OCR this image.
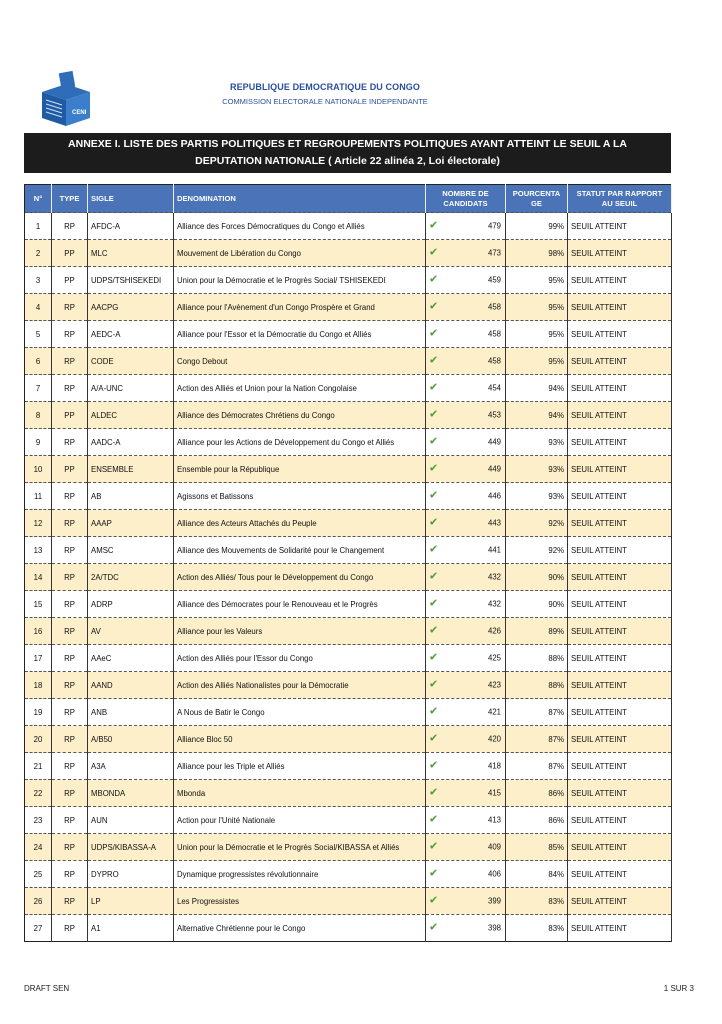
CENI
REPUBLIQUE DEMOCRATIQUE DU CONGO
COMMISSION ELECTORALE NATIONALE INDEPENDANTE
ANNEXE I. LISTE DES PARTIS POLITIQUES ET REGROUPEMENTS POLITIQUES AYANT ATTEINT LE SEUIL A LA
DEPUTATION NATIONALE ( Article 22 alinéa 2, Loi électorale)
N°	TYPE	SIGLE	DENOMINATION	NOMBRE DE CANDIDATS	POURCENTA GE	STATUT PAR RAPPORT AU SEUIL
1	RP	AFDC-A	Alliance des Forces Démocratiques du Congo et Alliés	✔ 479	99%	SEUIL ATTEINT
2	PP	MLC	Mouvement de Libération du Congo	✔ 473	98%	SEUIL ATTEINT
3	PP	UDPS/TSHISEKEDI	Union pour la Démocratie et le Progrès Social/ TSHISEKEDI	✔ 459	95%	SEUIL ATTEINT
4	RP	AACPG	Alliance pour l'Avènement d'un Congo Prospère et Grand	✔ 458	95%	SEUIL ATTEINT
5	RP	AEDC-A	Alliance pour l'Essor et la Démocratie du Congo et Alliés	✔ 458	95%	SEUIL ATTEINT
6	RP	CODE	Congo Debout	✔ 458	95%	SEUIL ATTEINT
7	RP	A/A-UNC	Action des Alliés et Union pour la Nation Congolaise	✔ 454	94%	SEUIL ATTEINT
8	PP	ALDEC	Alliance des Démocrates Chrétiens du Congo	✔ 453	94%	SEUIL ATTEINT
9	RP	AADC-A	Alliance pour les Actions de Développement du Congo et Alliés	✔ 449	93%	SEUIL ATTEINT
10	PP	ENSEMBLE	Ensemble pour la République	✔ 449	93%	SEUIL ATTEINT
11	RP	AB	Agissons et Batissons	✔ 446	93%	SEUIL ATTEINT
12	RP	AAAP	Alliance des Acteurs Attachés du Peuple	✔ 443	92%	SEUIL ATTEINT
13	RP	AMSC	Alliance des Mouvements de Solidarité pour le Changement	✔ 441	92%	SEUIL ATTEINT
14	RP	2A/TDC	Action des Alliés/ Tous pour le Développement du Congo	✔ 432	90%	SEUIL ATTEINT
15	RP	ADRP	Alliance des Démocrates pour le Renouveau et le Progrès	✔ 432	90%	SEUIL ATTEINT
16	RP	AV	Alliance pour les Valeurs	✔ 426	89%	SEUIL ATTEINT
17	RP	AAeC	Action des Alliés pour l'Essor du Congo	✔ 425	88%	SEUIL ATTEINT
18	RP	AAND	Action des Alliés Nationalistes pour la Démocratie	✔ 423	88%	SEUIL ATTEINT
19	RP	ANB	A Nous de Batir le Congo	✔ 421	87%	SEUIL ATTEINT
20	RP	A/B50	Alliance Bloc 50	✔ 420	87%	SEUIL ATTEINT
21	RP	A3A	Alliance pour les Triple et Alliés	✔ 418	87%	SEUIL ATTEINT
22	RP	MBONDA	Mbonda	✔ 415	86%	SEUIL ATTEINT
23	RP	AUN	Action pour l'Unité Nationale	✔ 413	86%	SEUIL ATTEINT
24	RP	UDPS/KIBASSA-A	Union pour la Démocratie et le Progrès Social/KIBASSA et Alliés	✔ 409	85%	SEUIL ATTEINT
25	RP	DYPRO	Dynamique progressistes révolutionnaire	✔ 406	84%	SEUIL ATTEINT
26	RP	LP	Les Progressistes	✔ 399	83%	SEUIL ATTEINT
27	RP	A1	Alternative Chrétienne pour le Congo	✔ 398	83%	SEUIL ATTEINT
DRAFT SEN	1 SUR 3
